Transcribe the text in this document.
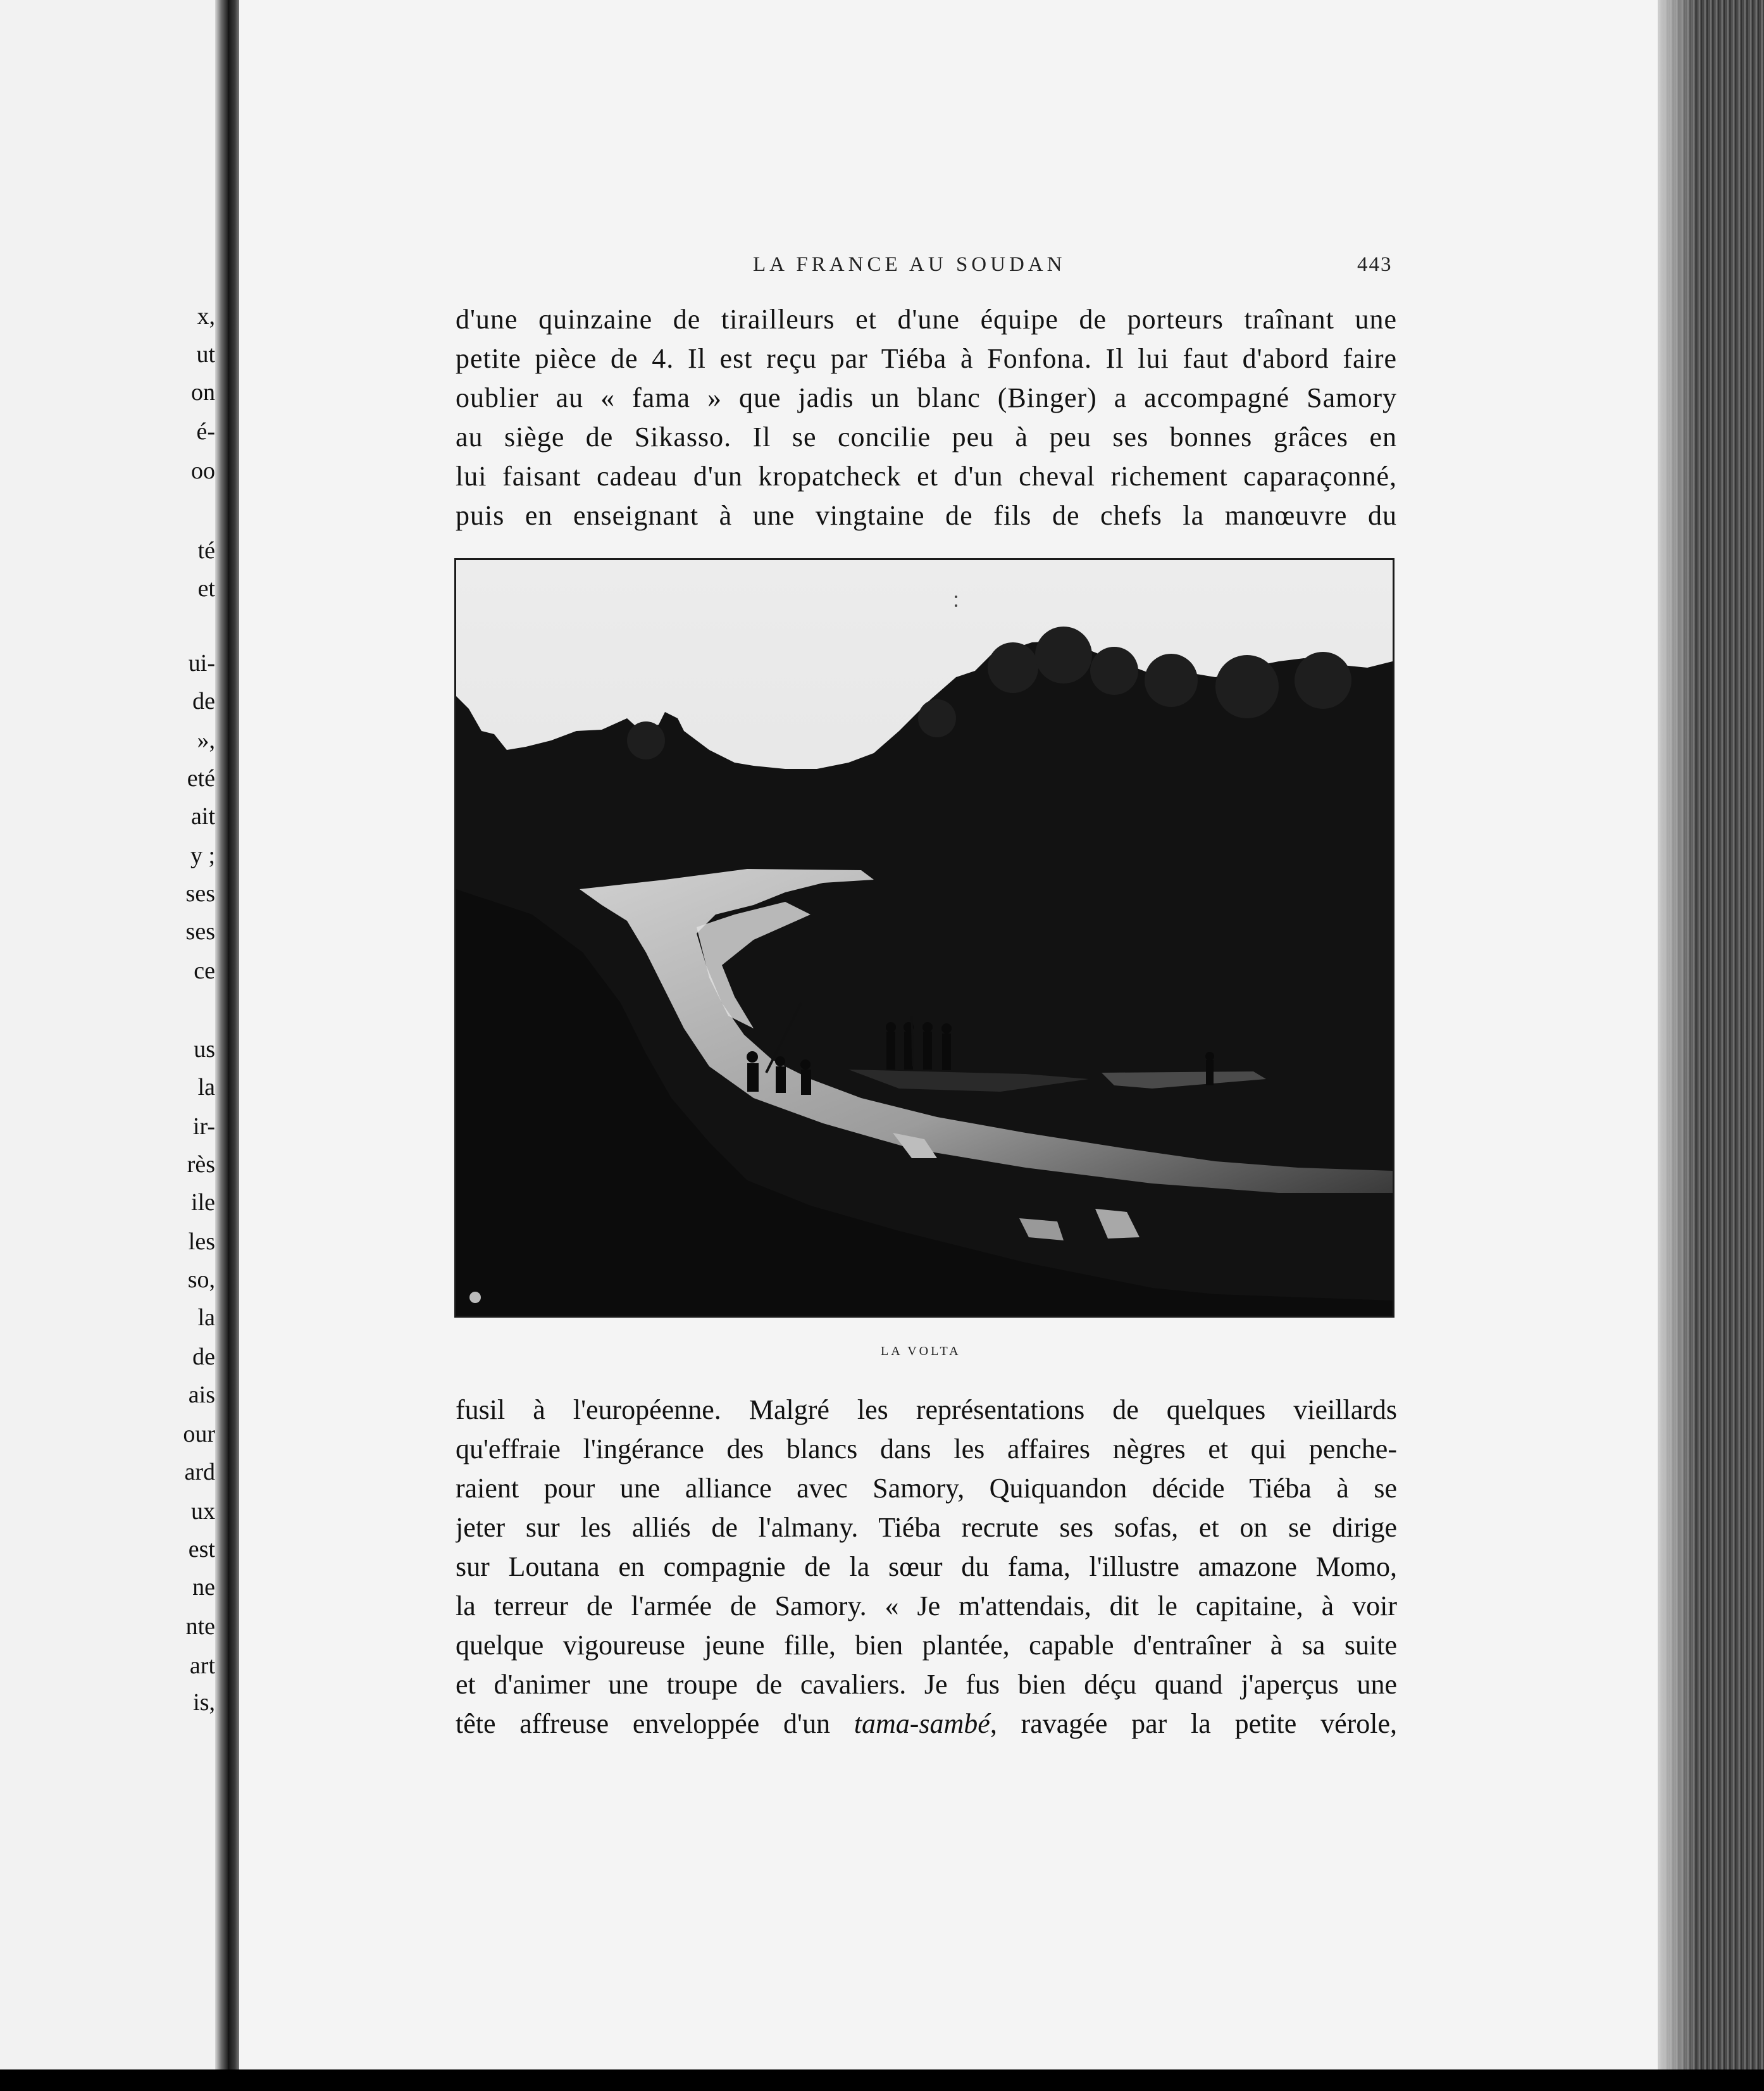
x,
ut
on
é-
oo
té
et
ui-
de
»,
eté
ait
y ;
ses
ses
ce
us
la
ir-
rès
ile
les
so,
la
de
ais
our
ard
ux
est
ne
nte
art
is,
LA FRANCE AU SOUDAN	443
d'une quinzaine de tirailleurs et d'une équipe de porteurs traînant une
petite pièce de 4. Il est reçu par Tiéba à Fonfona. Il lui faut d'abord faire
oublier au « fama » que jadis un blanc (Binger) a accompagné Samory
au siège de Sikasso. Il se concilie peu à peu ses bonnes grâces en
lui faisant cadeau d'un kropatcheck et d'un cheval richement caparaçonné,
puis en enseignant à une vingtaine de fils de chefs la manœuvre du
LA VOLTA
fusil à l'européenne. Malgré les représentations de quelques vieillards
qu'effraie l'ingérance des blancs dans les affaires nègres et qui penche-
raient pour une alliance avec Samory, Quiquandon décide Tiéba à se
jeter sur les alliés de l'almany. Tiéba recrute ses sofas, et on se dirige
sur Loutana en compagnie de la sœur du fama, l'illustre amazone Momo,
la terreur de l'armée de Samory. « Je m'attendais, dit le capitaine, à voir
quelque vigoureuse jeune fille, bien plantée, capable d'entraîner à sa suite
et d'animer une troupe de cavaliers. Je fus bien déçu quand j'aperçus une
tête affreuse enveloppée d'un tama-sambé, ravagée par la petite vérole,
